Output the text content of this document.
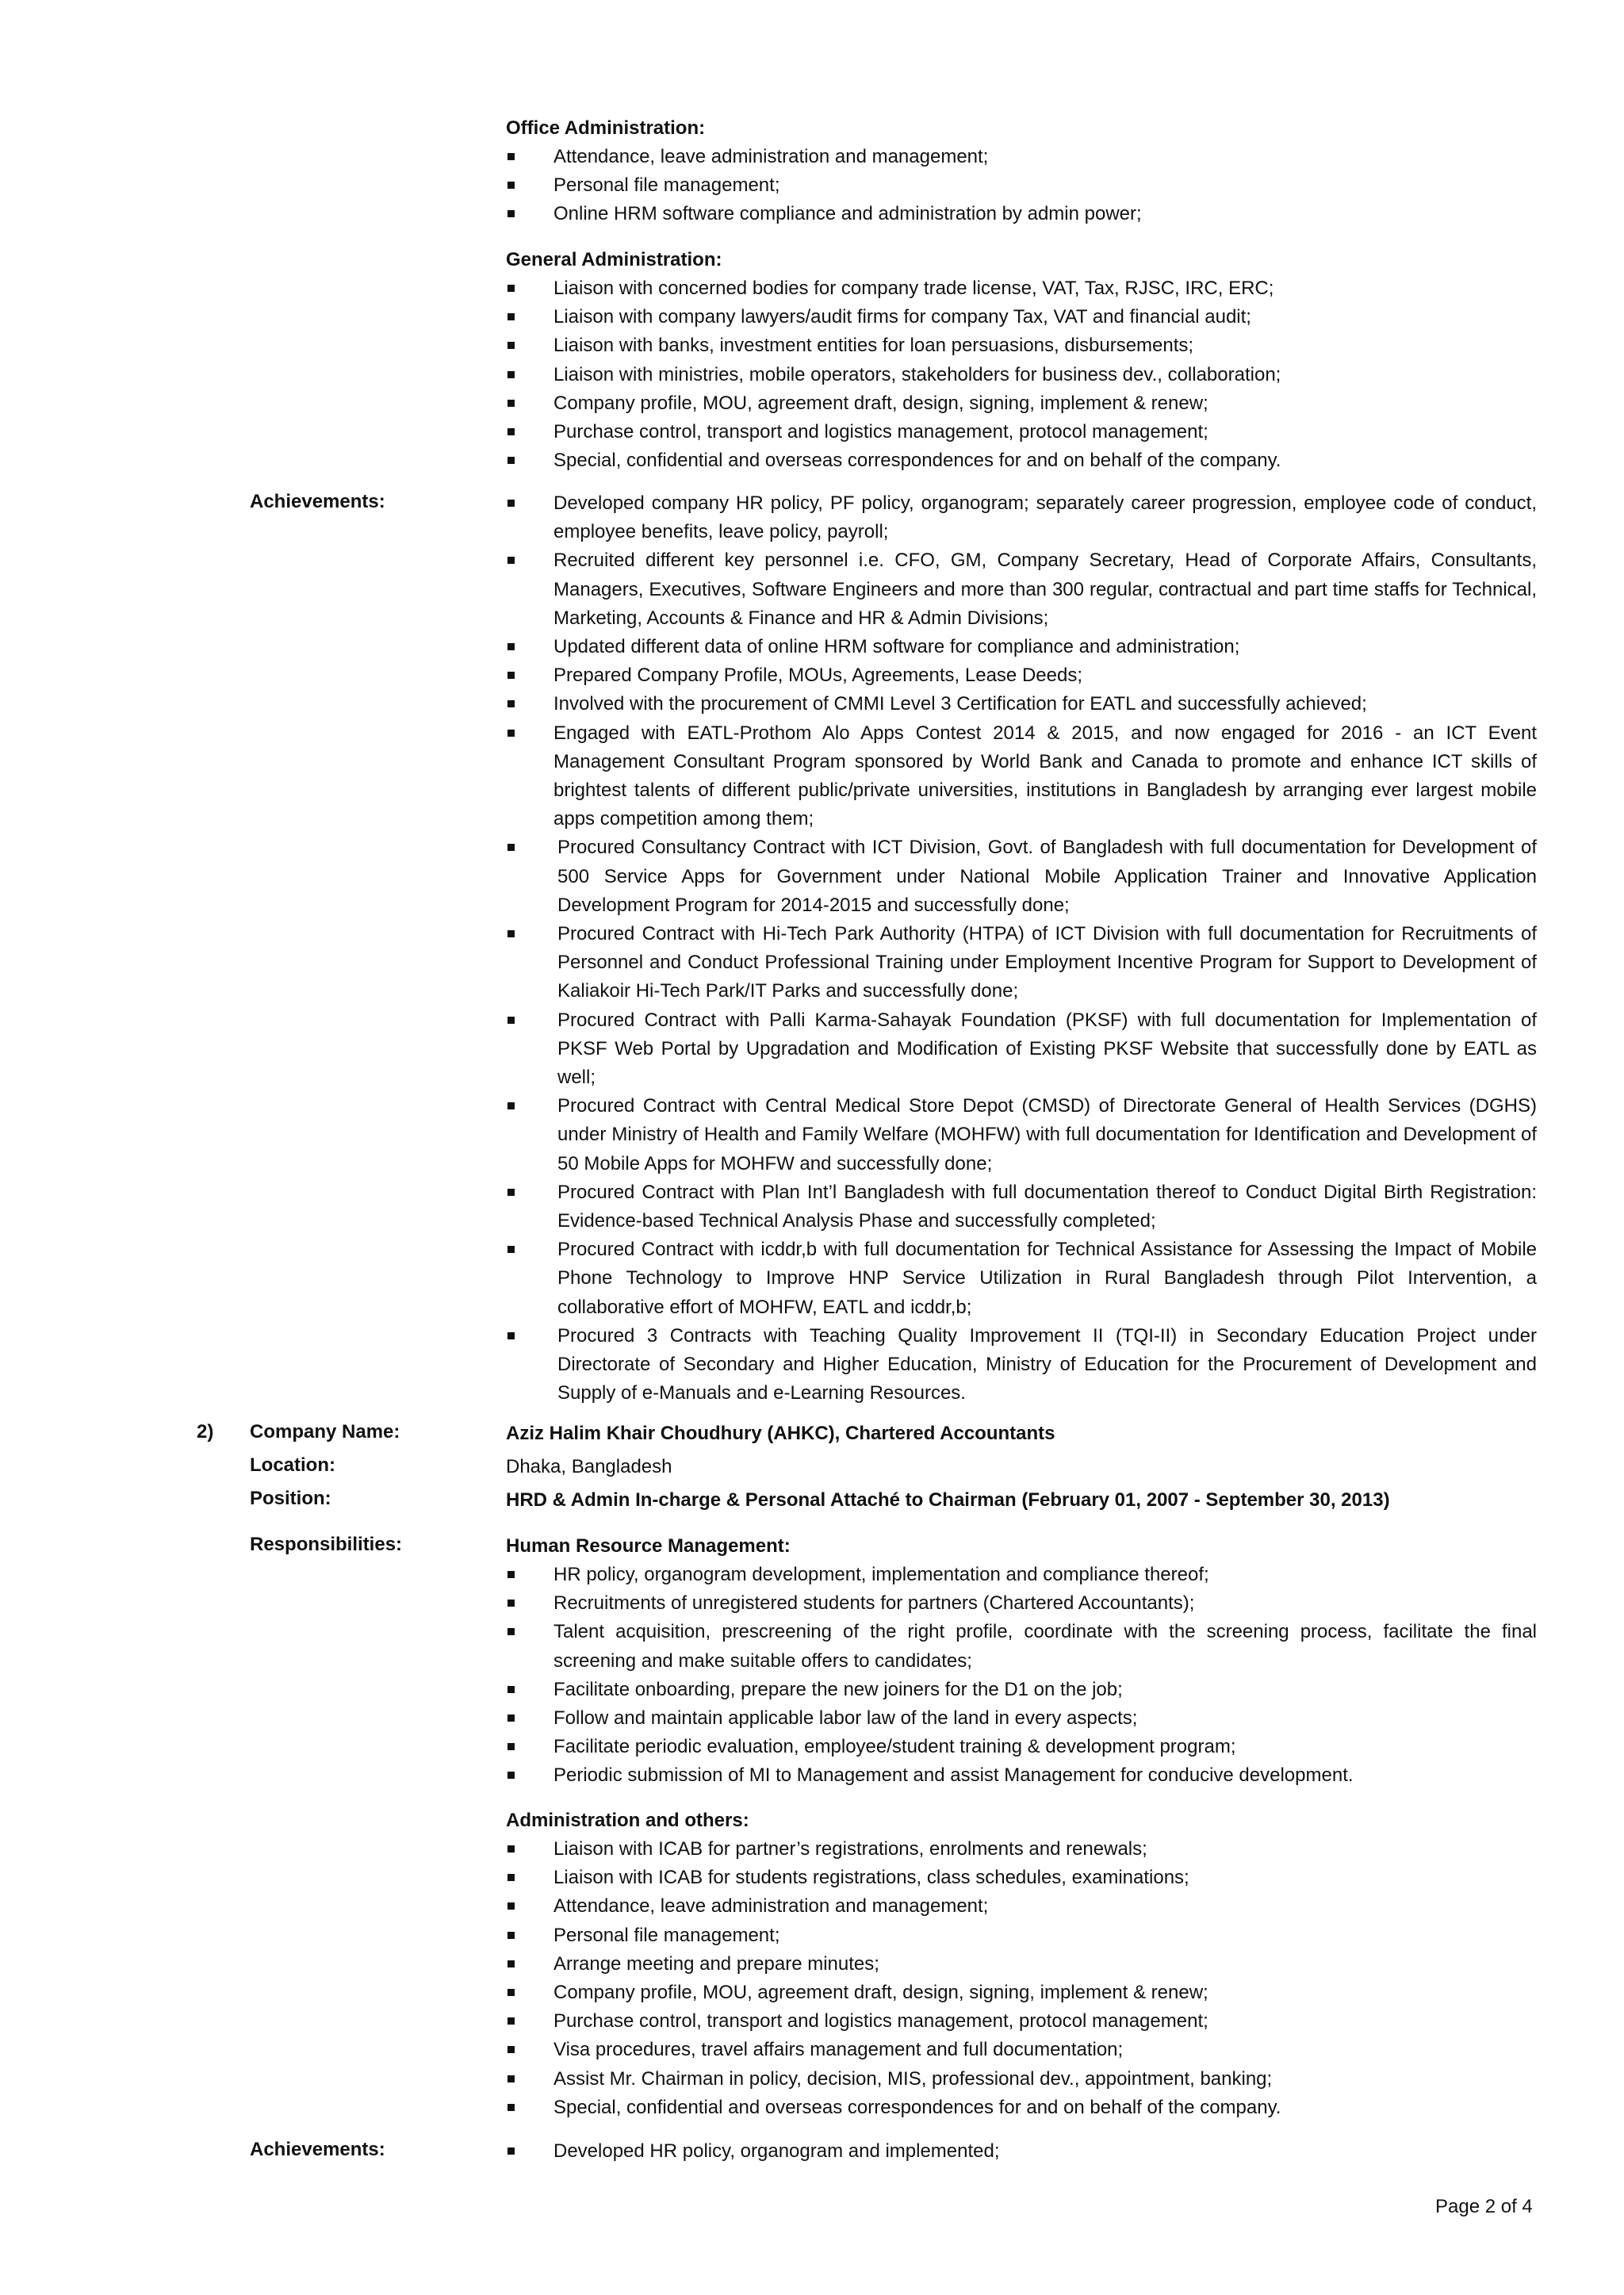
Office Administration:
Attendance, leave administration and management;
Personal file management;
Online HRM software compliance and administration by admin power;
General Administration:
Liaison with concerned bodies for company trade license, VAT, Tax, RJSC, IRC, ERC;
Liaison with company lawyers/audit firms for company Tax, VAT and financial audit;
Liaison with banks, investment entities for loan persuasions, disbursements;
Liaison with ministries, mobile operators, stakeholders for business dev., collaboration;
Company profile, MOU, agreement draft, design, signing, implement & renew;
Purchase control, transport and logistics management, protocol management;
Special, confidential and overseas correspondences for and on behalf of the company.
Achievements:	Developed company HR policy, PF policy, organogram; separately career progression, employee code of conduct, employee benefits, leave policy, payroll;
Recruited different key personnel i.e. CFO, GM, Company Secretary, Head of Corporate Affairs, Consultants, Managers, Executives, Software Engineers and more than 300 regular, contractual and part time staffs for Technical, Marketing, Accounts & Finance and HR & Admin Divisions;
Updated different data of online HRM software for compliance and administration;
Prepared Company Profile, MOUs, Agreements, Lease Deeds;
Involved with the procurement of CMMI Level 3 Certification for EATL and successfully achieved;
Engaged with EATL-Prothom Alo Apps Contest 2014 & 2015, and now engaged for 2016 - an ICT Event Management Consultant Program sponsored by World Bank and Canada to promote and enhance ICT skills of brightest talents of different public/private universities, institutions in Bangladesh by arranging ever largest mobile apps competition among them;
Procured Consultancy Contract with ICT Division, Govt. of Bangladesh with full documentation for Development of 500 Service Apps for Government under National Mobile Application Trainer and Innovative Application Development Program for 2014-2015 and successfully done;
Procured Contract with Hi-Tech Park Authority (HTPA) of ICT Division with full documentation for Recruitments of Personnel and Conduct Professional Training under Employment Incentive Program for Support to Development of Kaliakoir Hi-Tech Park/IT Parks and successfully done;
Procured Contract with Palli Karma-Sahayak Foundation (PKSF) with full documentation for Implementation of PKSF Web Portal by Upgradation and Modification of Existing PKSF Website that successfully done by EATL as well;
Procured Contract with Central Medical Store Depot (CMSD) of Directorate General of Health Services (DGHS) under Ministry of Health and Family Welfare (MOHFW) with full documentation for Identification and Development of 50 Mobile Apps for MOHFW and successfully done;
Procured Contract with Plan Int’l Bangladesh with full documentation thereof to Conduct Digital Birth Registration: Evidence-based Technical Analysis Phase and successfully completed;
Procured Contract with icddr,b with full documentation for Technical Assistance for Assessing the Impact of Mobile Phone Technology to Improve HNP Service Utilization in Rural Bangladesh through Pilot Intervention, a collaborative effort of MOHFW, EATL and icddr,b;
Procured 3 Contracts with Teaching Quality Improvement II (TQI-II) in Secondary Education Project under Directorate of Secondary and Higher Education, Ministry of Education for the Procurement of Development and Supply of e-Manuals and e-Learning Resources.
2) Company Name:	Aziz Halim Khair Choudhury (AHKC), Chartered Accountants
Location:	Dhaka, Bangladesh
Position:	HRD & Admin In-charge & Personal Attaché to Chairman (February 01, 2007 - September 30, 2013)
Responsibilities:	Human Resource Management:
HR policy, organogram development, implementation and compliance thereof;
Recruitments of unregistered students for partners (Chartered Accountants);
Talent acquisition, prescreening of the right profile, coordinate with the screening process, facilitate the final screening and make suitable offers to candidates;
Facilitate onboarding, prepare the new joiners for the D1 on the job;
Follow and maintain applicable labor law of the land in every aspects;
Facilitate periodic evaluation, employee/student training & development program;
Periodic submission of MI to Management and assist Management for conducive development.
Administration and others:
Liaison with ICAB for partner’s registrations, enrolments and renewals;
Liaison with ICAB for students registrations, class schedules, examinations;
Attendance, leave administration and management;
Personal file management;
Arrange meeting and prepare minutes;
Company profile, MOU, agreement draft, design, signing, implement & renew;
Purchase control, transport and logistics management, protocol management;
Visa procedures, travel affairs management and full documentation;
Assist Mr. Chairman in policy, decision, MIS, professional dev., appointment, banking;
Special, confidential and overseas correspondences for and on behalf of the company.
Achievements:	Developed HR policy, organogram and implemented;
Page 2 of 4
